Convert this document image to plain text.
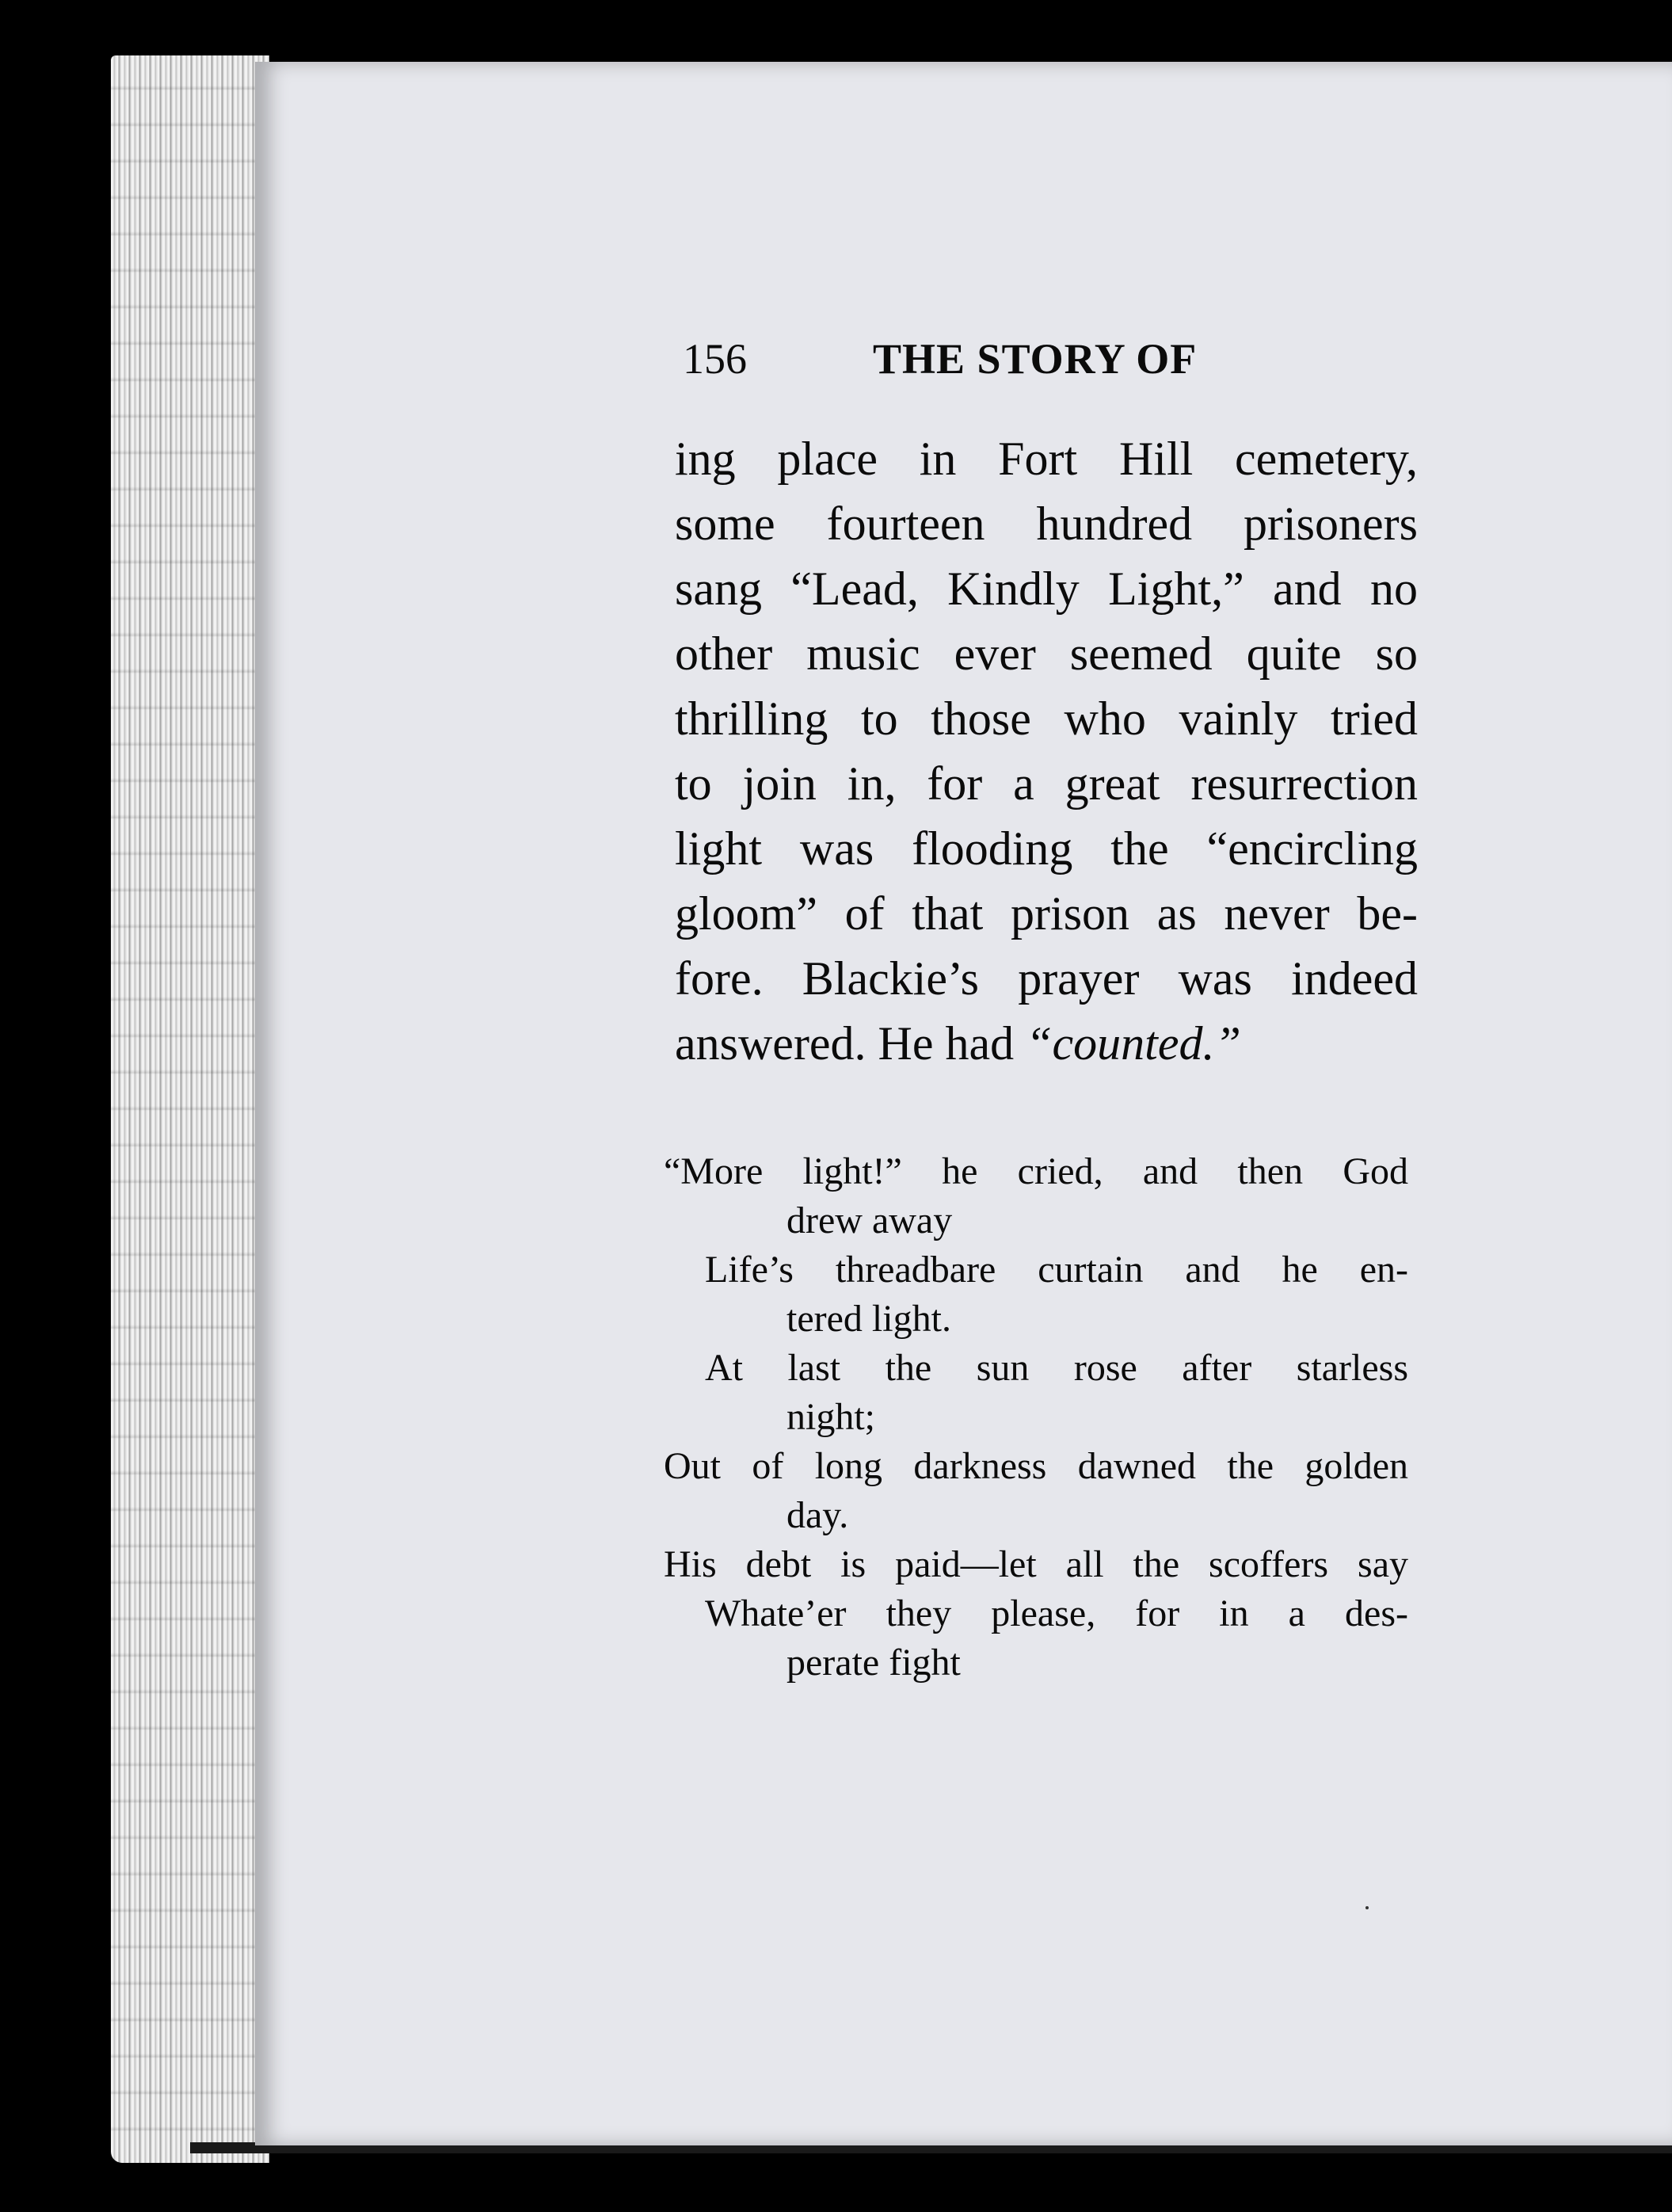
156	THE STORY OF
ing place in Fort Hill cemetery,
some fourteen hundred prisoners
sang “Lead, Kindly Light,” and no
other music ever seemed quite so
thrilling to those who vainly tried
to join in, for a great resurrection
light was flooding the “encircling
gloom” of that prison as never be-
fore. Blackie’s prayer was indeed
answered. He had “counted.”
“More light!” he cried, and then God
drew away
Life’s threadbare curtain and he en-
tered light.
At last the sun rose after starless
night;
Out of long darkness dawned the golden
day.
His debt is paid—let all the scoffers say
Whate’er they please, for in a des-
perate fight
